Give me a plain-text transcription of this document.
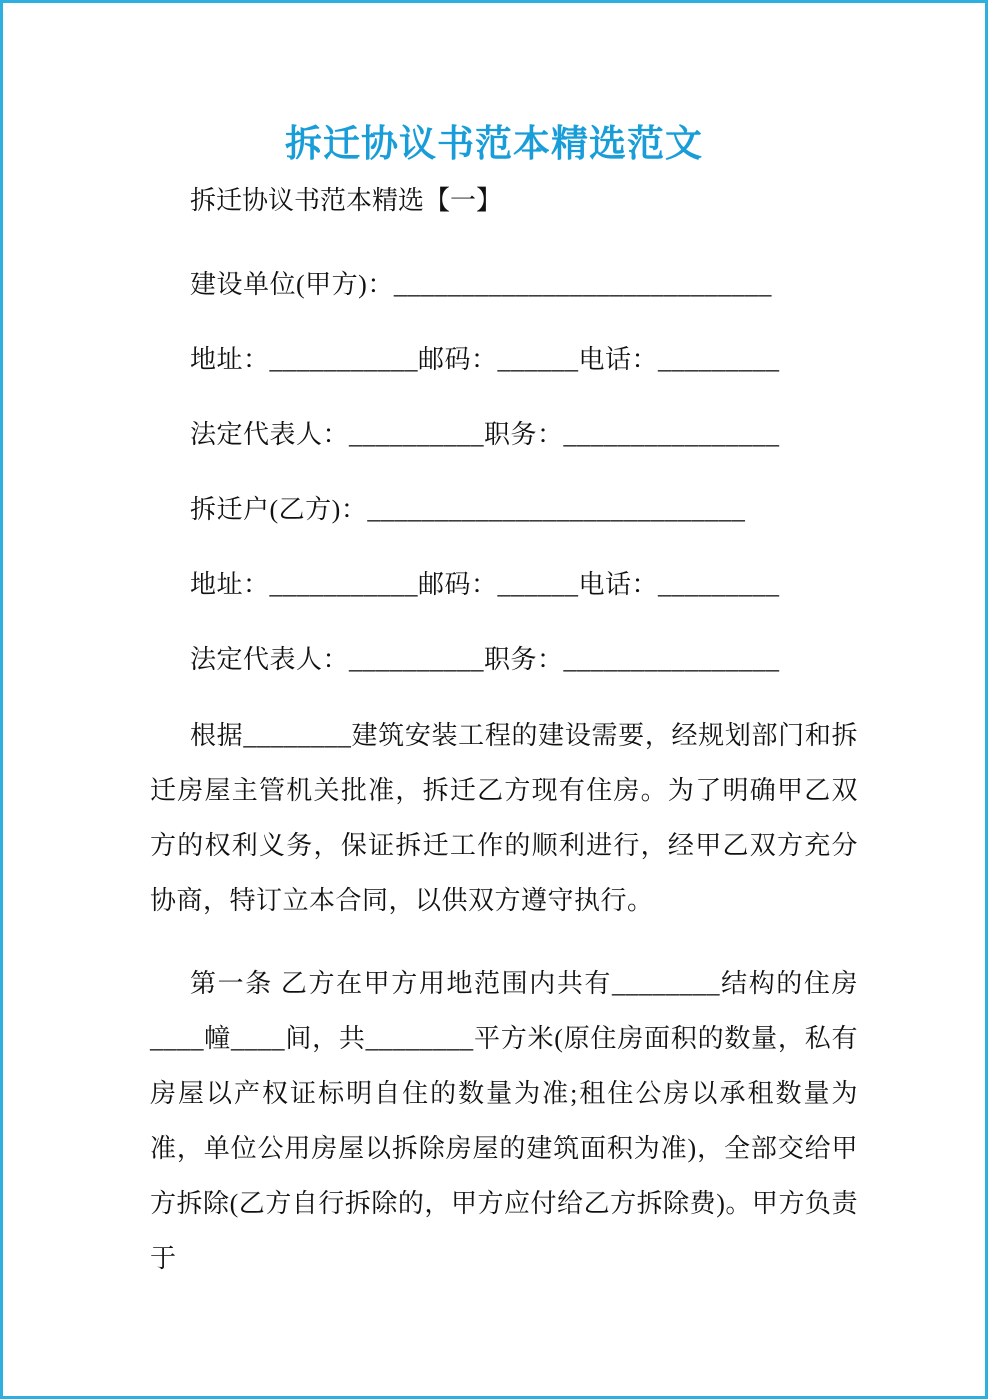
拆迁协议书范本精选范文

拆迁协议书范本精选【一】

建设单位(甲方)：____________________________

地址：___________邮码：______电话：_________

法定代表人：__________职务：________________

拆迁户(乙方)：____________________________

地址：___________邮码：______电话：_________

法定代表人：__________职务：________________

根据________建筑安装工程的建设需要，经规划部门和拆迁房屋主管机关批准，拆迁乙方现有住房。为了明确甲乙双方的权利义务，保证拆迁工作的顺利进行，经甲乙双方充分协商，特订立本合同，以供双方遵守执行。

第一条 乙方在甲方用地范围内共有________结构的住房____幢____间，共________平方米(原住房面积的数量，私有房屋以产权证标明自住的数量为准;租住公房以承租数量为准，单位公用房屋以拆除房屋的建筑面积为准)，全部交给甲方拆除(乙方自行拆除的，甲方应付给乙方拆除费)。甲方负责于
